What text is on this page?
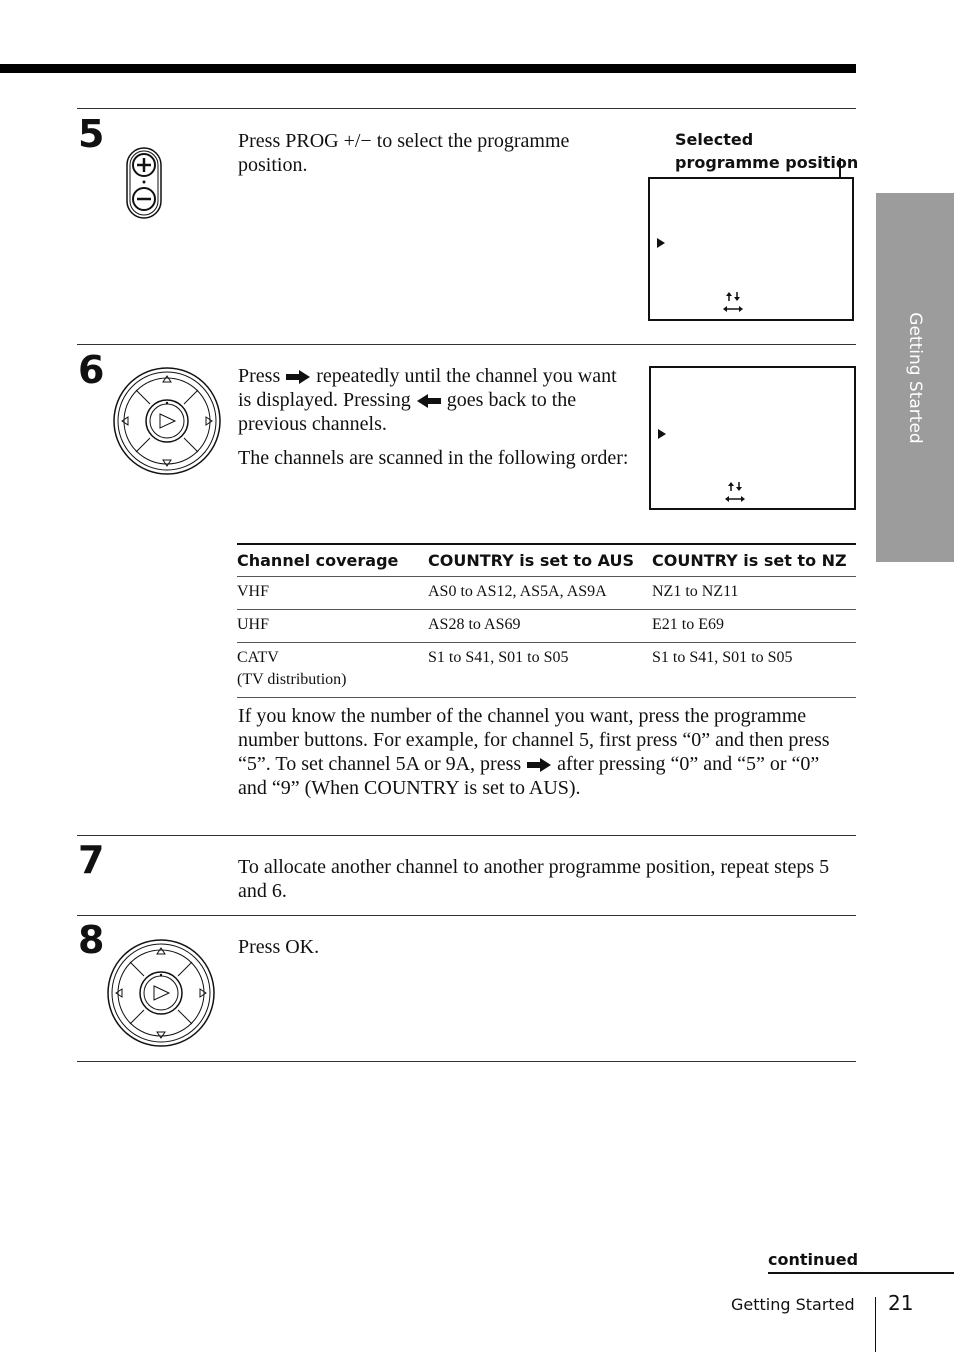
Getting Started
5	Press PROG +/− to select the programme position.

Selected programme position
6	Press repeatedly until the channel you want is displayed. Pressing goes back to the previous channels.

The channels are scanned in the following order:

Channel coverage	COUNTRY is set to AUS	COUNTRY is set to NZ
VHF	AS0 to AS12, AS5A, AS9A	NZ1 to NZ11
UHF	AS28 to AS69	E21 to E69

CATV
(TV distribution)	S1 to S41, S01 to S05	S1 to S41, S01 to S05

If you know the number of the channel you want, press the programme number buttons. For example, for channel 5, first press “0” and then press “5”. To set channel 5A or 9A, press after pressing “0” and “5” or “0” and “9” (When COUNTRY is set to AUS).

7	To allocate another channel to another programme position, repeat steps 5 and 6.

8	Press OK.

continued
Getting Started 21
